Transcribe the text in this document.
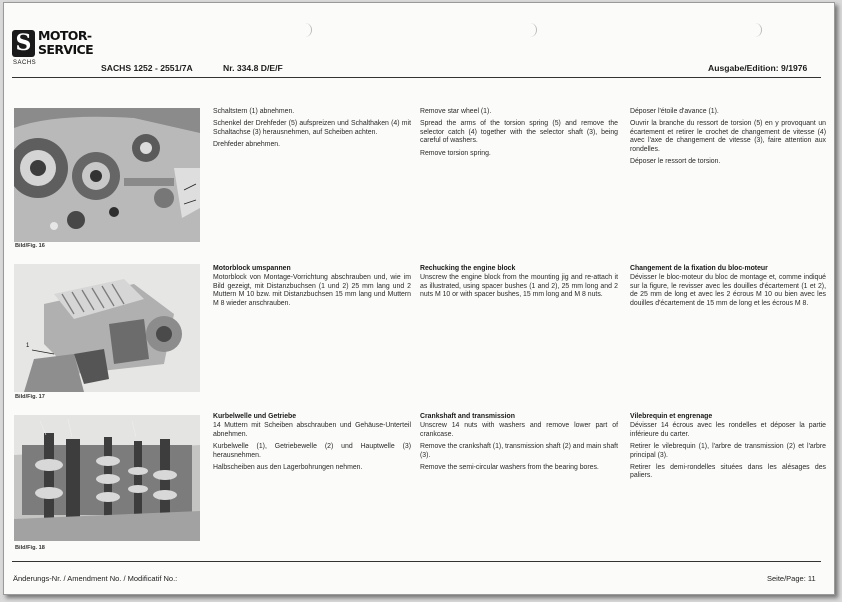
S MOTOR-
SERVICE
SACHS	SACHS 1252 - 2551/7A	Nr. 334.8 D/E/F	Ausgabe/Edition: 9/1976
Bild/Fig. 16
1
Bild/Fig. 17
Bild/Fig. 18

Schaltstern (1) abnehmen.

Schenkel der Drehfeder (5) aufspreizen und Schalthaken (4) mit Schaltachse (3) herausnehmen, auf Scheiben achten.

Drehfeder abnehmen.

Remove star wheel (1).

Spread the arms of the torsion spring (5) and remove the selector catch (4) together with the selector shaft (3), being careful of washers.

Remove torsion spring.

Déposer l'étoile d'avance (1).

Ouvrir la branche du ressort de torsion (5) en y provoquant un écartement et retirer le crochet de changement de vitesse (4) avec l'axe de changement de vitesse (3), faire attention aux rondelles.

Déposer le ressort de torsion.

Motorblock umspannen

Motorblock von Montage-Vorrichtung abschrauben und, wie im Bild gezeigt, mit Distanzbuchsen (1 und 2) 25 mm lang und 2 Muttern M 10 bzw. mit Distanzbuchsen 15 mm lang und Muttern M 8 wieder anschrauben.

Rechucking the engine block

Unscrew the engine block from the mounting jig and re-attach it as illustrated, using spacer bushes (1 and 2), 25 mm long and 2 nuts M 10 or with spacer bushes, 15 mm long and M 8 nuts.

Changement de la fixation du bloc-moteur

Dévisser le bloc-moteur du bloc de montage et, comme indiqué sur la figure, le revisser avec les douilles d'écartement (1 et 2), de 25 mm de long et avec les 2 écrous M 10 ou bien avec les douilles d'écartement de 15 mm de long et les écrous M 8.

Kurbelwelle und Getriebe

14 Muttern mit Scheiben abschrauben und Gehäuse-Unterteil abnehmen.

Kurbelwelle (1), Getriebewelle (2) und Hauptwelle (3) herausnehmen.

Halbscheiben aus den Lagerbohrungen nehmen.

Crankshaft and transmission

Unscrew 14 nuts with washers and remove lower part of crankcase.

Remove the crankshaft (1), transmission shaft (2) and main shaft (3).

Remove the semi-circular washers from the bearing bores.

Vilebrequin et engrenage

Dévisser 14 écrous avec les rondelles et déposer la partie inférieure du carter.

Retirer le vilebrequin (1), l'arbre de transmission (2) et l'arbre principal (3).

Retirer les demi-rondelles situées dans les alésages des paliers.

Änderungs-Nr. / Amendment No. / Modificatif No.:	Seite/Page: 11
